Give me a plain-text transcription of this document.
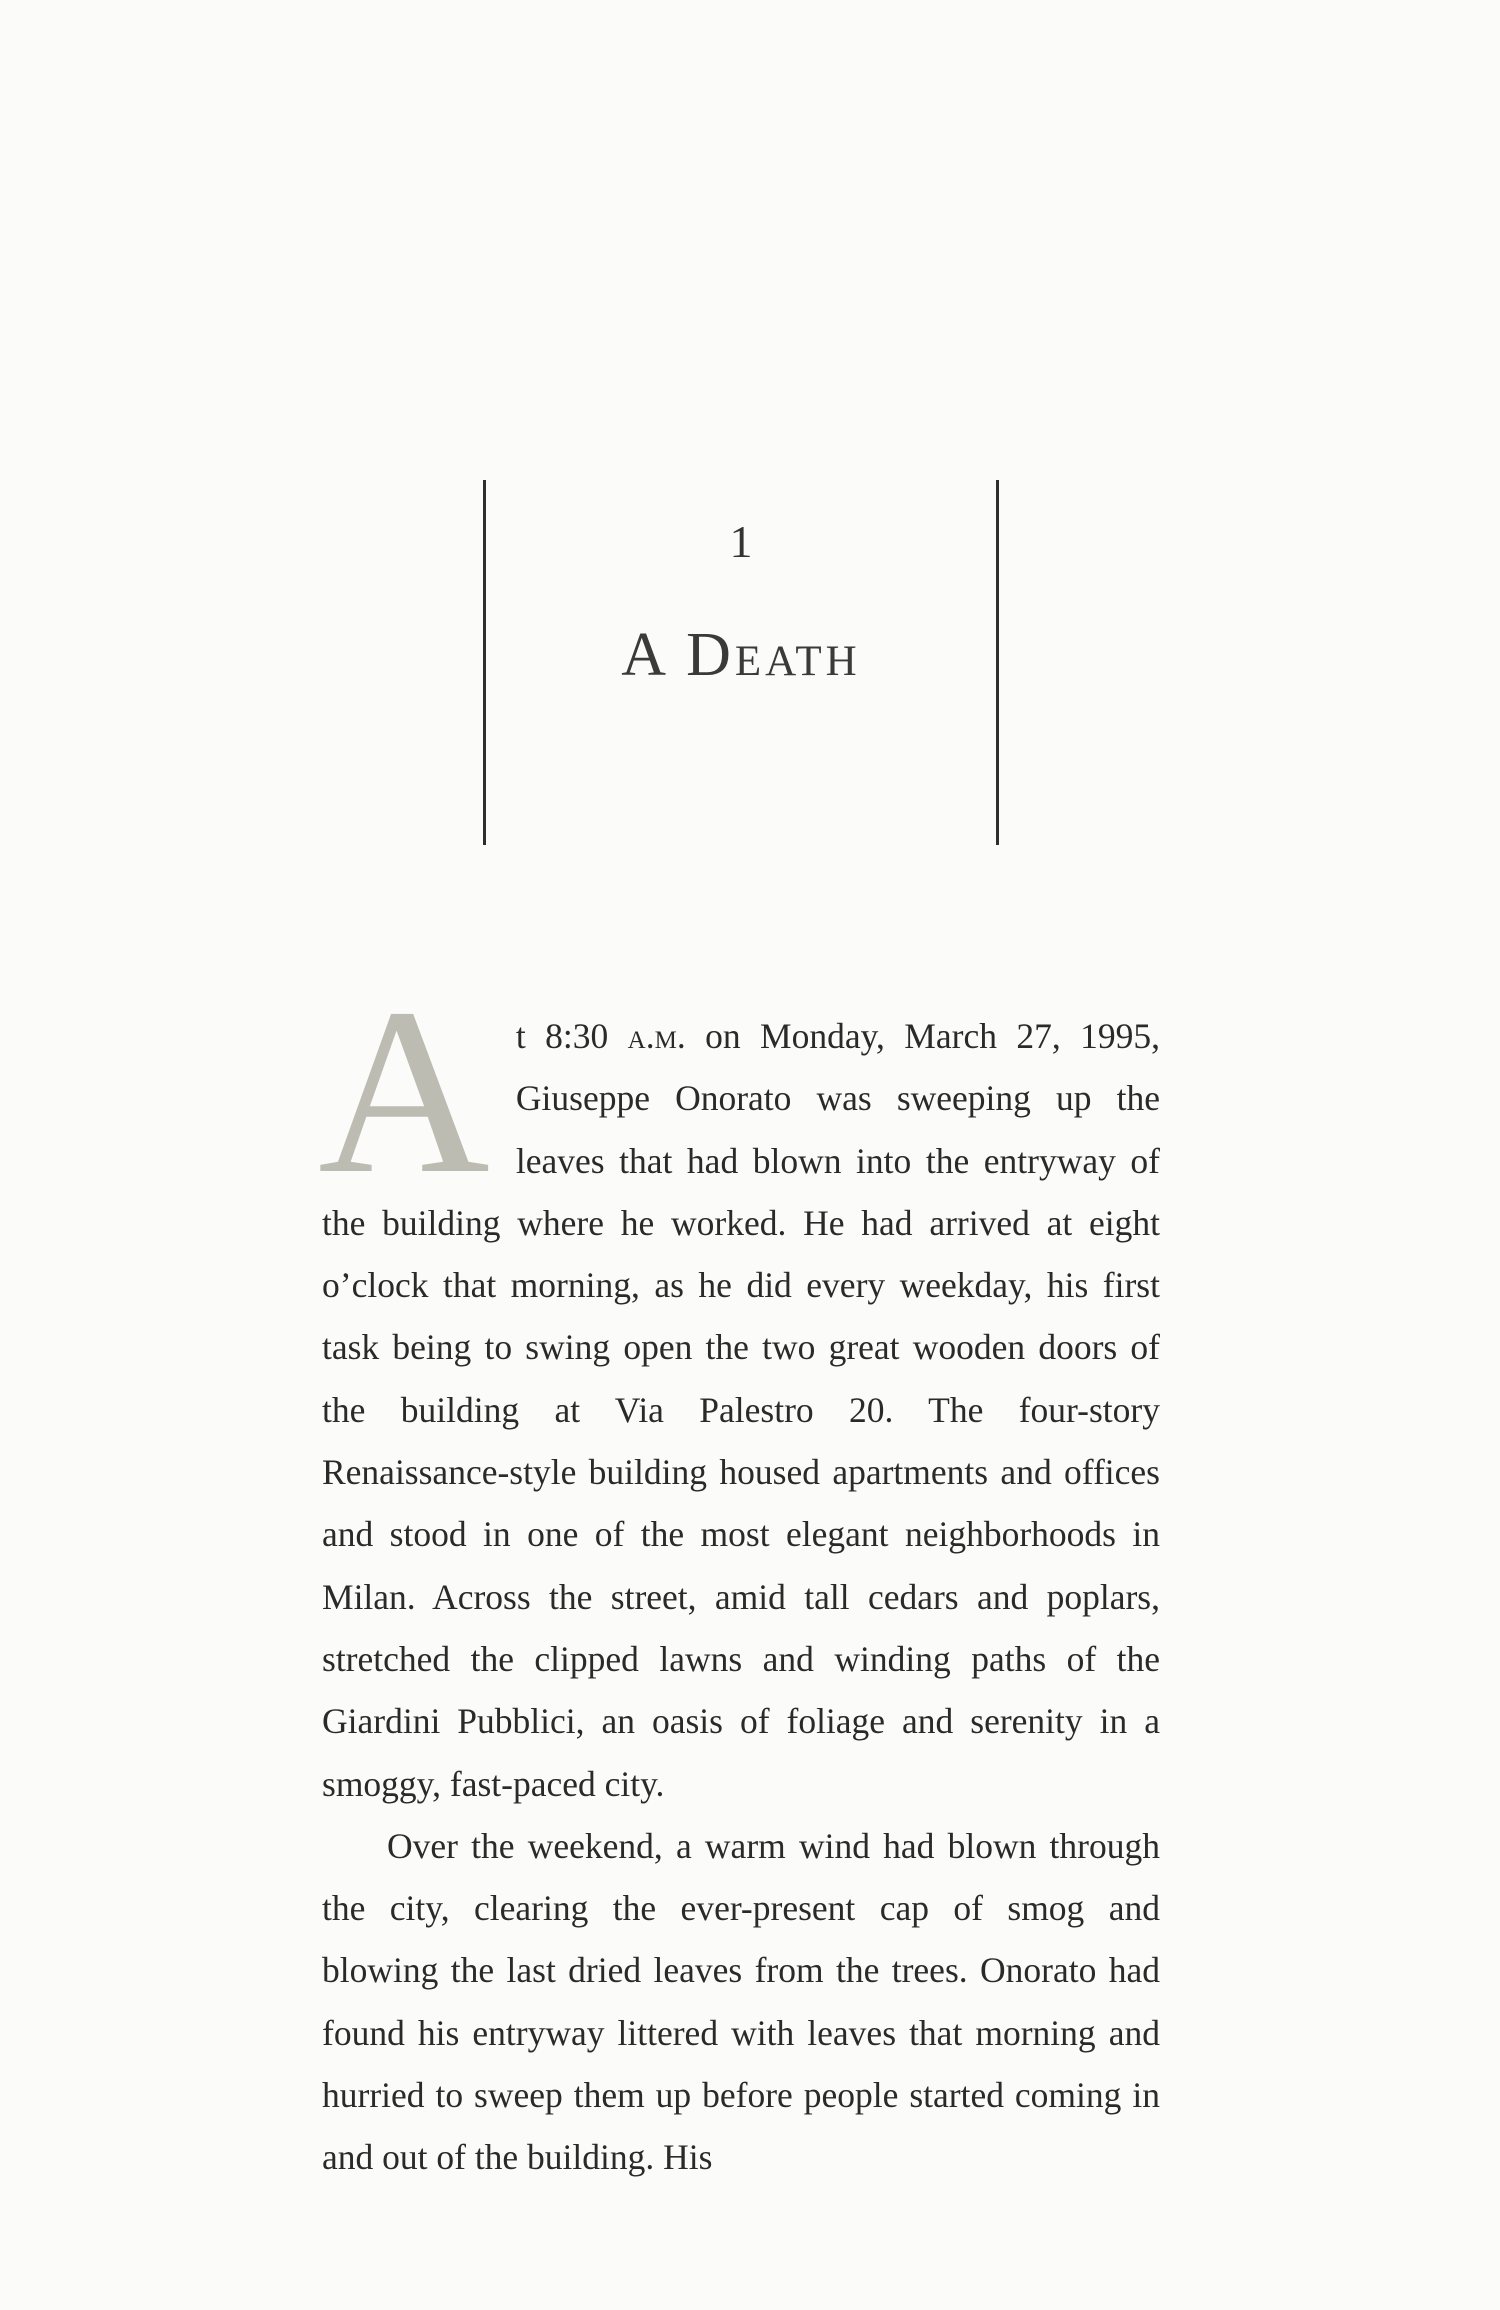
1
A Death

At 8:30 a.m. on Monday, March 27, 1995, Giuseppe Onorato was sweeping up the leaves that had blown into the entryway of the building where he worked. He had arrived at eight o’clock that morning, as he did every weekday, his first task being to swing open the two great wooden doors of the building at Via Palestro 20. The four-story Renaissance-style building housed apartments and offices and stood in one of the most elegant neighborhoods in Milan. Across the street, amid tall cedars and poplars, stretched the clipped lawns and winding paths of the Giardini Pubblici, an oasis of foliage and serenity in a smoggy, fast-paced city.

Over the weekend, a warm wind had blown through the city, clearing the ever-present cap of smog and blowing the last dried leaves from the trees. Onorato had found his entryway littered with leaves that morning and hurried to sweep them up before people started coming in and out of the building. His
